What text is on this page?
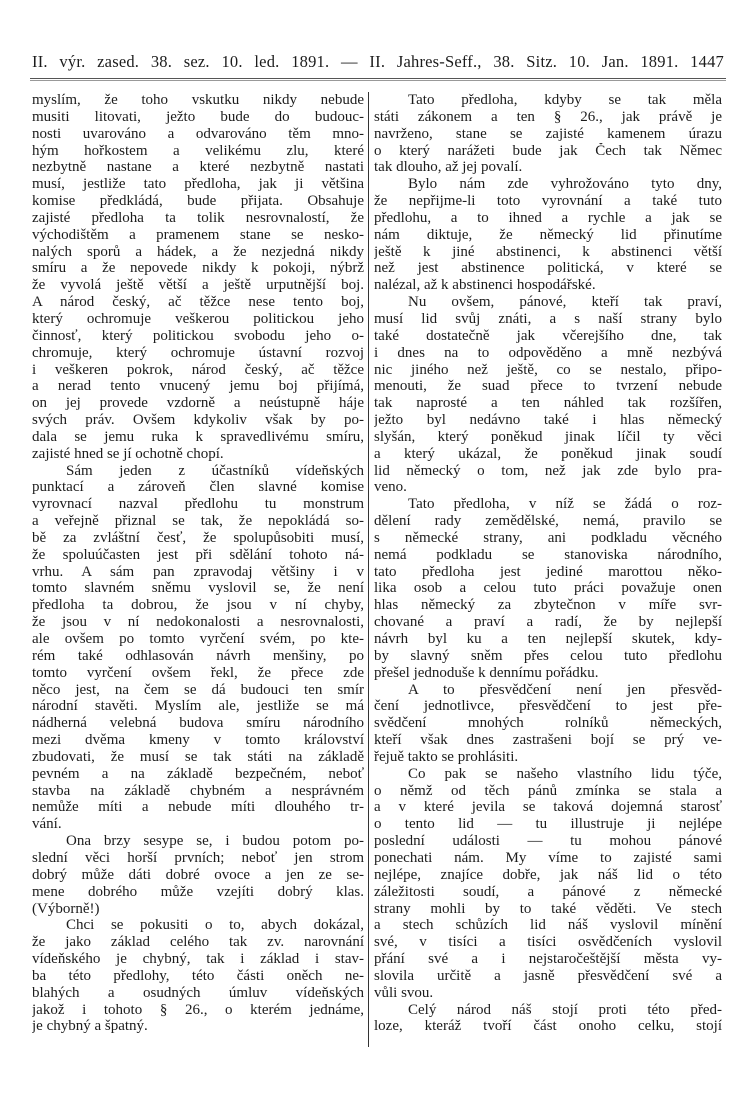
II. výr. zased. 38. sez. 10. led. 1891. — II. Jahres-Seff., 38. Sitz. 10. Jan. 1891. 1447
myslím, že toho vskutku nikdy nebude
musiti litovati, ježto bude do budouc-
nosti uvarováno a odvarováno těm mno-
hým hořkostem a velikému zlu, které
nezbytně nastane a které nezbytně nastati
musí, jestliže tato předloha, jak ji většina
komise předkládá, bude přijata. Obsahuje
zajisté předloha ta tolik nesrovnalostí, že
východištěm a pramenem stane se nesko-
nalých sporů a hádek, a že nezjedná nikdy
smíru a že nepovede nikdy k pokoji, nýbrž
že vyvolá ještě větší a ještě urputnější boj.
A národ český, ač těžce nese tento boj,
který ochromuje veškerou politickou jeho
činnosť, který politickou svobodu jeho o-
chromuje, který ochromuje ústavní rozvoj
i veškeren pokrok, národ český, ač těžce
a nerad tento vnucený jemu boj přijímá,
on jej provede vzdorně a neústupně háje
svých práv. Ovšem kdykoliv však by po-
dala se jemu ruka k spravedlivému smíru,
zajisté hned se jí ochotně chopí.
Sám jeden z účastníků vídeňských
punktací a zároveň člen slavné komise
vyrovnací nazval předlohu tu monstrum
a veřejně přiznal se tak, že nepokládá so-
bě za zvláštní česť, že spolupůsobiti musí,
že spoluúčasten jest při sdělání tohoto ná-
vrhu. A sám pan zpravodaj většiny i v
tomto slavném sněmu vyslovil se, že není
předloha ta dobrou, že jsou v ní chyby,
že jsou v ní nedokonalosti a nesrovnalosti,
ale ovšem po tomto vyrčení svém, po kte-
rém také odhlasován návrh menšiny, po
tomto vyrčení ovšem řekl, že přece zde
něco jest, na čem se dá budouci ten smír
národní stavěti. Myslím ale, jestliže se má
nádherná velebná budova smíru národního
mezi dvěma kmeny v tomto království
zbudovati, že musí se tak státi na základě
pevném a na základě bezpečném, neboť
stavba na základě chybném a nesprávném
nemůže míti a nebude míti dlouhého tr-
vání.
Ona brzy sesype se, i budou potom po-
slední věci horší prvních; neboť jen strom
dobrý může dáti dobré ovoce a jen ze se-
mene dobrého může vzejíti dobrý klas.
(Výborně!)
Chci se pokusiti o to, abych dokázal,
že jako základ celého tak zv. narovnání
vídeňského je chybný, tak i základ i stav-
ba této předlohy, této části oněch ne-
blahých a osudných úmluv vídeňských
jakož i tohoto § 26., o kterém jednáme,
je chybný a špatný.
Tato předloha, kdyby se tak měla
státi zákonem a ten § 26., jak právě je
navrženo, stane se zajisté kamenem úrazu
o který narážeti bude jak Čech tak Němec
tak dlouho, až jej povalí.
Bylo nám zde vyhrožováno tyto dny,
že nepřijme-li toto vyrovnání a také tuto
předlohu, a to ihned a rychle a jak se
nám diktuje, že německý lid přinutíme
ještě k jiné abstinenci, k abstinenci větší
než jest abstinence politická, v které se
nalézal, až k abstinenci hospodářské.
Nu ovšem, pánové, kteří tak praví,
musí lid svůj znáti, a s naší strany bylo
také dostatečně jak včerejšího dne, tak
i dnes na to odpověděno a mně nezbývá
nic jiného než ještě, co se nestalo, připo-
menouti, že suad přece to tvrzení nebude
tak naprosté a ten náhled tak rozšířen,
ježto byl nedávno také i hlas německý
slyšán, který poněkud jinak líčil ty věci
a který ukázal, že poněkud jinak soudí
lid německý o tom, než jak zde bylo pra-
veno.
Tato předloha, v níž se žádá o roz-
dělení rady zemědělské, nemá, pravilo se
s německé strany, ani podkladu věcného
nemá podkladu se stanoviska národního,
tato předloha jest jediné marottou něko-
lika osob a celou tuto práci považuje onen
hlas německý za zbytečnon v míře svr-
chované a praví a radí, že by nejlepší
návrh byl ku a ten nejlepší skutek, kdy-
by slavný sněm přes celou tuto předlohu
přešel jednoduše k dennímu pořádku.
A to přesvědčení není jen přesvěd-
čení jednotlivce, přesvědčení to jest pře-
svědčení mnohých rolníků německých,
kteří však dnes zastrašeni bojí se prý ve-
řejuě takto se prohlásiti.
Co pak se našeho vlastního lidu týče,
o němž od těch pánů zmínka se stala a
a v které jevila se taková dojemná starosť
o tento lid — tu illustruje ji nejlépe
poslední události — tu mohou pánové
ponechati nám. My víme to zajisté sami
nejlépe, znajíce dobře, jak náš lid o této
záležitosti soudí, a pánové z německé
strany mohli by to také věděti. Ve stech
a stech schůzích lid náš vyslovil mínění
své, v tisíci a tisíci osvědčeních vyslovil
přání své a i nejstaročeštější města vy-
slovila určitě a jasně přesvědčení své a
vůli svou.
Celý národ náš stojí proti této před-
loze, kteráž tvoří část onoho celku, stojí
